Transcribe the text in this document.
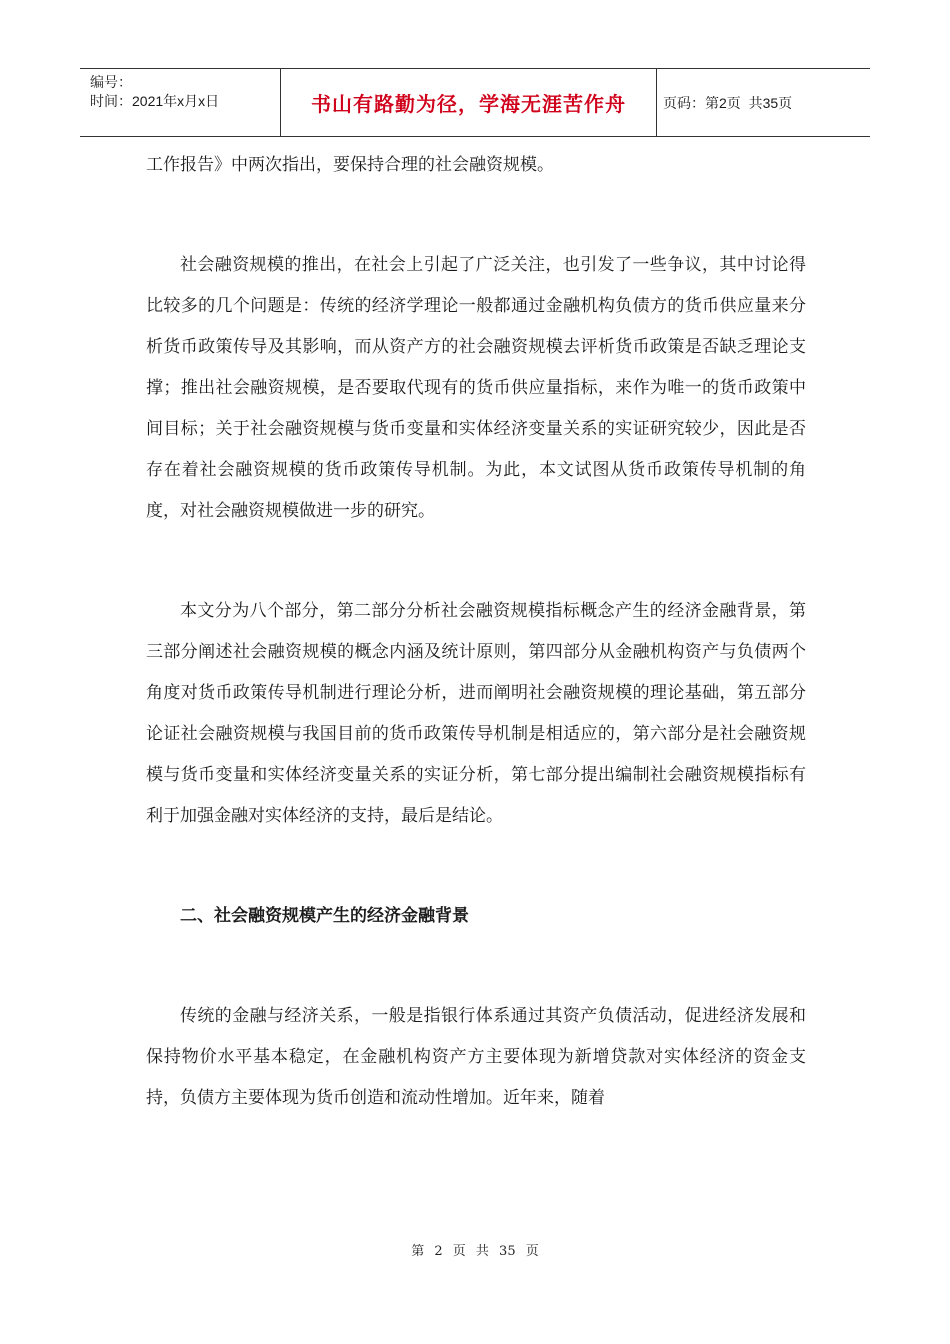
编号：
时间：2021年x月x日	书山有路勤为径，学海无涯苦作舟	页码：第2页  共35页

工作报告》中两次指出，要保持合理的社会融资规模。

社会融资规模的推出，在社会上引起了广泛关注，也引发了一些争议，其中讨论得比较多的几个问题是：传统的经济学理论一般都通过金融机构负债方的货币供应量来分析货币政策传导及其影响，而从资产方的社会融资规模去评析货币政策是否缺乏理论支撑；推出社会融资规模，是否要取代现有的货币供应量指标，来作为唯一的货币政策中间目标；关于社会融资规模与货币变量和实体经济变量关系的实证研究较少，因此是否存在着社会融资规模的货币政策传导机制。为此，本文试图从货币政策传导机制的角度，对社会融资规模做进一步的研究。

本文分为八个部分，第二部分分析社会融资规模指标概念产生的经济金融背景，第三部分阐述社会融资规模的概念内涵及统计原则，第四部分从金融机构资产与负债两个角度对货币政策传导机制进行理论分析，进而阐明社会融资规模的理论基础，第五部分论证社会融资规模与我国目前的货币政策传导机制是相适应的，第六部分是社会融资规模与货币变量和实体经济变量关系的实证分析，第七部分提出编制社会融资规模指标有利于加强金融对实体经济的支持，最后是结论。

二、社会融资规模产生的经济金融背景

传统的金融与经济关系，一般是指银行体系通过其资产负债活动，促进经济发展和保持物价水平基本稳定，在金融机构资产方主要体现为新增贷款对实体经济的资金支持，负债方主要体现为货币创造和流动性增加。近年来，随着

第 2 页 共 35 页
